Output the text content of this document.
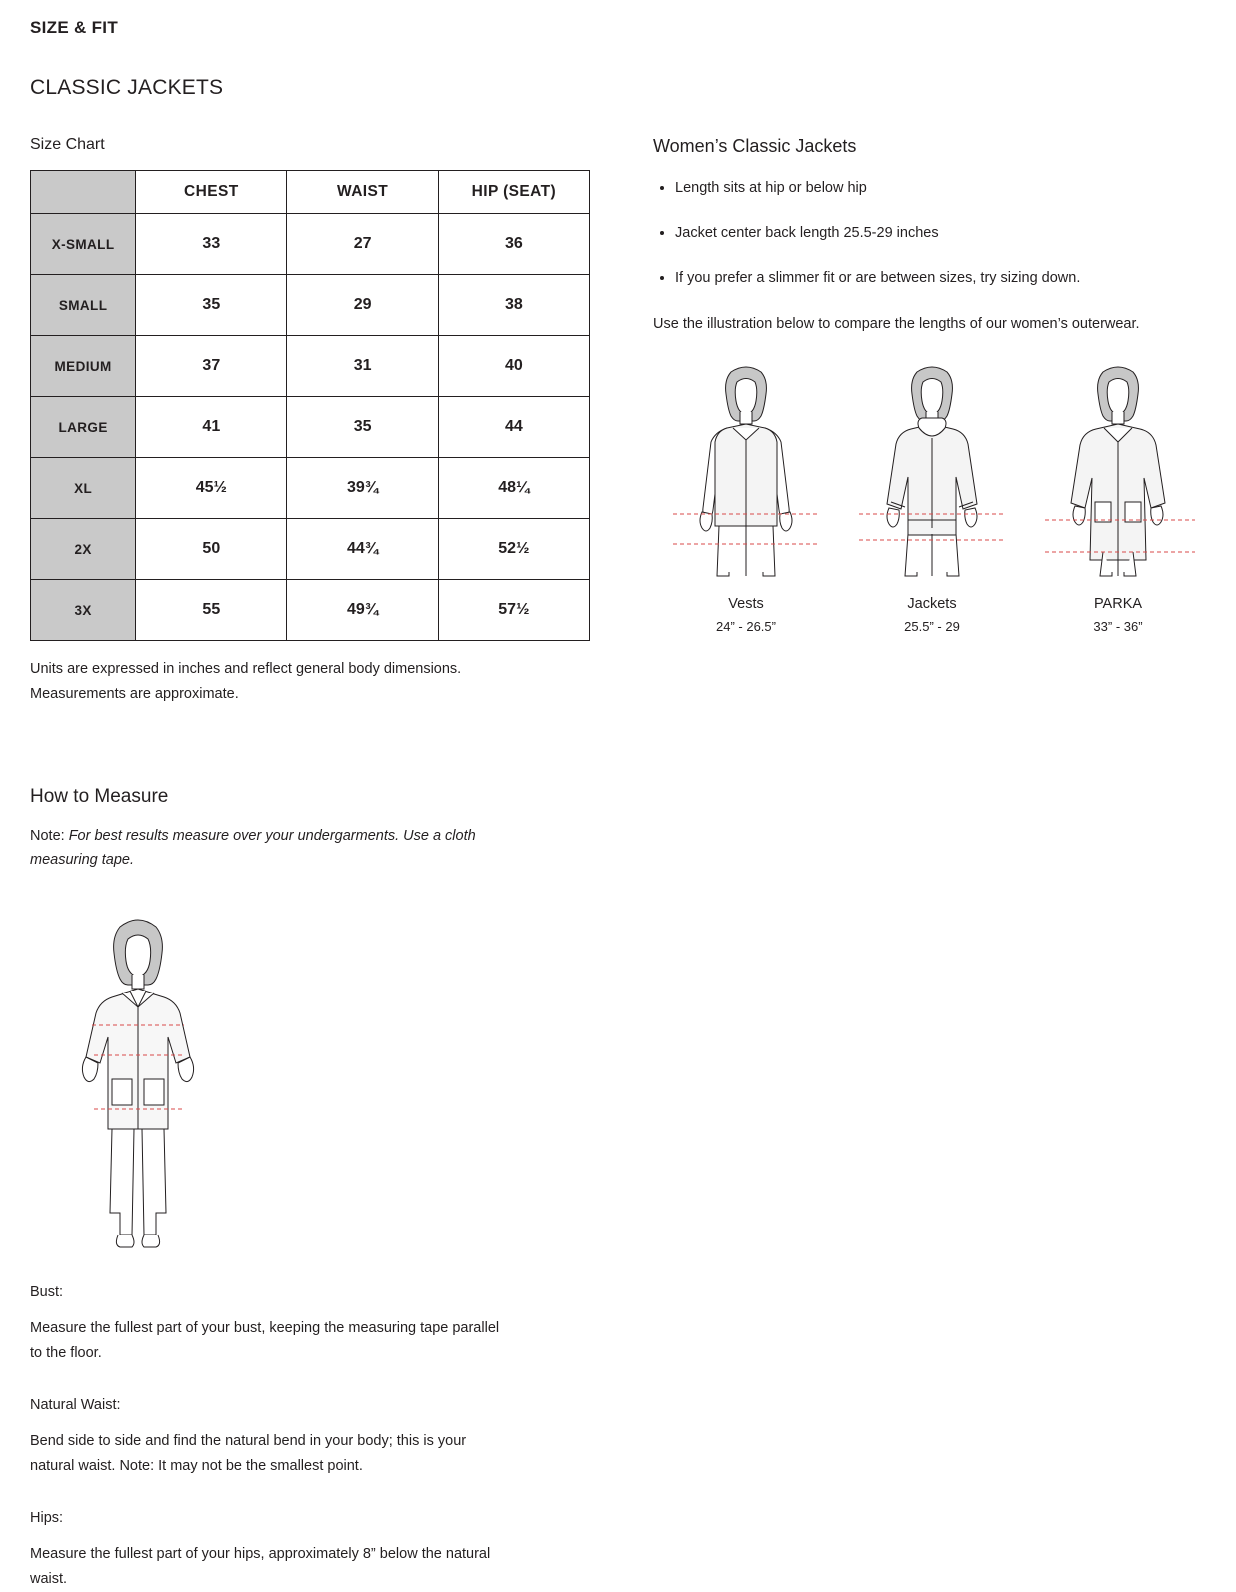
SIZE & FIT
CLASSIC JACKETS
Size Chart
	CHEST	WAIST	HIP (SEAT)
X-SMALL	33	27	36
SMALL	35	29	38
MEDIUM	37	31	40
LARGE	41	35	44
XL	45½	39¾	48¼
2X	50	44¾	52½
3X	55	49¾	57½

Units are expressed in inches and reflect general body dimensions.
Measurements are approximate.

How to Measure

Note: For best results measure over your undergarments. Use a cloth measuring tape.

Bust:

Measure the fullest part of your bust, keeping the measuring tape parallel to the floor.

Natural Waist:

Bend side to side and find the natural bend in your body; this is your natural waist. Note: It may not be the smallest point.

Hips:

Measure the fullest part of your hips, approximately 8” below the natural waist.

Women’s Classic Jackets
• Length sits at hip or below hip
• Jacket center back length 25.5-29 inches
• If you prefer a slimmer fit or are between sizes, try sizing down.

Use the illustration below to compare the lengths of our women’s outerwear.

Vests
24” - 26.5”
Jackets
25.5” - 29
PARKA
33” - 36”
